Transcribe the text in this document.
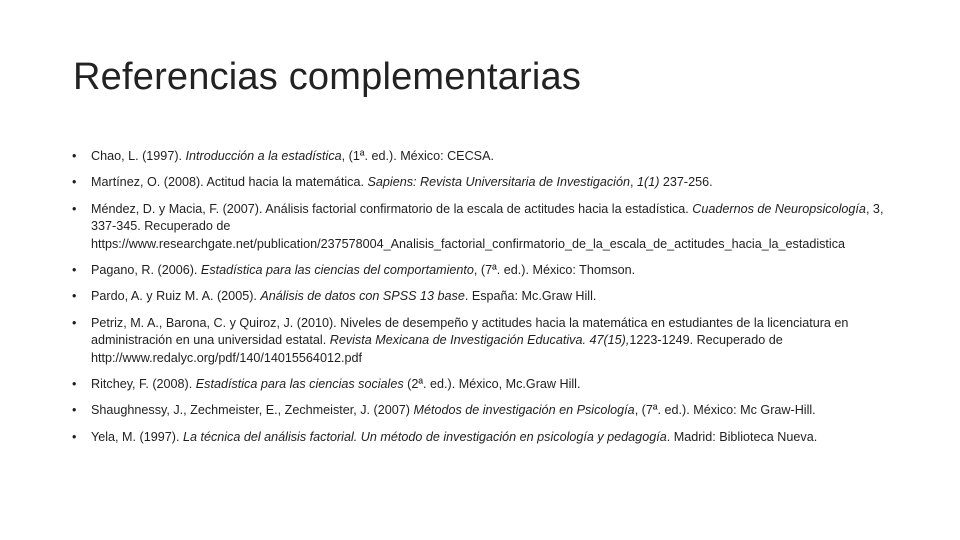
Referencias complementarias
• Chao, L. (1997). Introducción a la estadística, (1ª. ed.). México: CECSA.
• Martínez, O. (2008). Actitud hacia la matemática. Sapiens: Revista Universitaria de Investigación, 1(1) 237-256.
• Méndez, D. y Macia, F. (2007). Análisis factorial confirmatorio de la escala de actitudes hacia la estadística. Cuadernos de Neuropsicología, 3, 337-345. Recuperado de https://www.researchgate.net/publication/237578004_Analisis_factorial_confirmatorio_de_la_escala_de_actitudes_hacia_la_estadistica
• Pagano, R. (2006). Estadística para las ciencias del comportamiento, (7ª. ed.). México: Thomson.
• Pardo, A. y Ruiz M. A. (2005). Análisis de datos con SPSS 13 base. España: Mc.Graw Hill.
• Petriz, M. A., Barona, C. y Quiroz, J. (2010). Niveles de desempeño y actitudes hacia la matemática en estudiantes de la licenciatura en administración en una universidad estatal. Revista Mexicana de Investigación Educativa. 47(15),1223-1249. Recuperado de http://www.redalyc.org/pdf/140/14015564012.pdf
• Ritchey, F. (2008). Estadística para las ciencias sociales (2ª. ed.). México, Mc.Graw Hill.
• Shaughnessy, J., Zechmeister, E., Zechmeister, J. (2007) Métodos de investigación en Psicología, (7ª. ed.). México: Mc Graw-Hill.
• Yela, M. (1997). La técnica del análisis factorial. Un método de investigación en psicología y pedagogía. Madrid: Biblioteca Nueva.
